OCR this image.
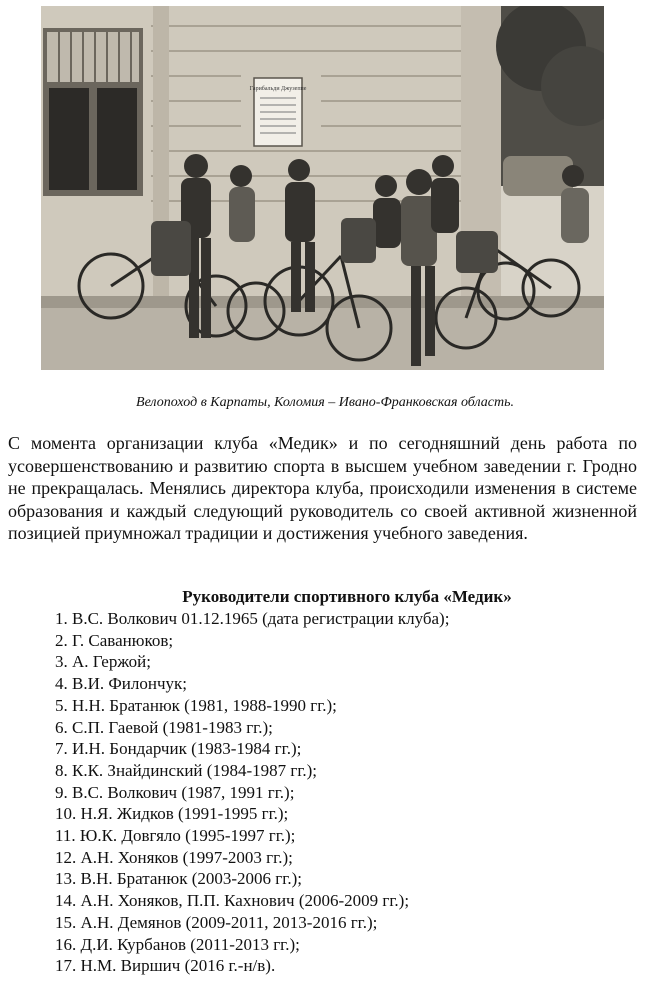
Гарибальди Джузеппе
Велопоход в Карпаты, Коломия – Ивано-Франковская область.

С момента организации клуба «Медик» и по сегодняшний день работа по усовершенствованию и развитию спорта в высшем учебном заведении г. Гродно не прекращалась. Менялись директора клуба, происходили изменения в системе образования и каждый следующий руководитель со своей активной жизненной позицией приумножал традиции и достижения учебного заведения.

Руководители спортивного клуба «Медик»
1. В.С. Волкович 01.12.1965 (дата регистрации клуба);
2. Г. Саванюков;
3. А. Гержой;
4. В.И. Филончук;
5. Н.Н. Братанюк (1981, 1988-1990 гг.);
6. С.П. Гаевой (1981-1983 гг.);
7. И.Н. Бондарчик (1983-1984 гг.);
8. К.К. Знайдинский (1984-1987 гг.);
9. В.С. Волкович (1987, 1991 гг.);
10. Н.Я. Жидков (1991-1995 гг.);
11. Ю.К. Довгяло (1995-1997 гг.);
12. А.Н. Хоняков (1997-2003 гг.);
13. В.Н. Братанюк (2003-2006 гг.);
14. А.Н. Хоняков, П.П. Кахнович (2006-2009 гг.);
15. А.Н. Демянов (2009-2011, 2013-2016 гг.);
16. Д.И. Курбанов (2011-2013 гг.);
17. Н.М. Виршич (2016 г.-н/в).
